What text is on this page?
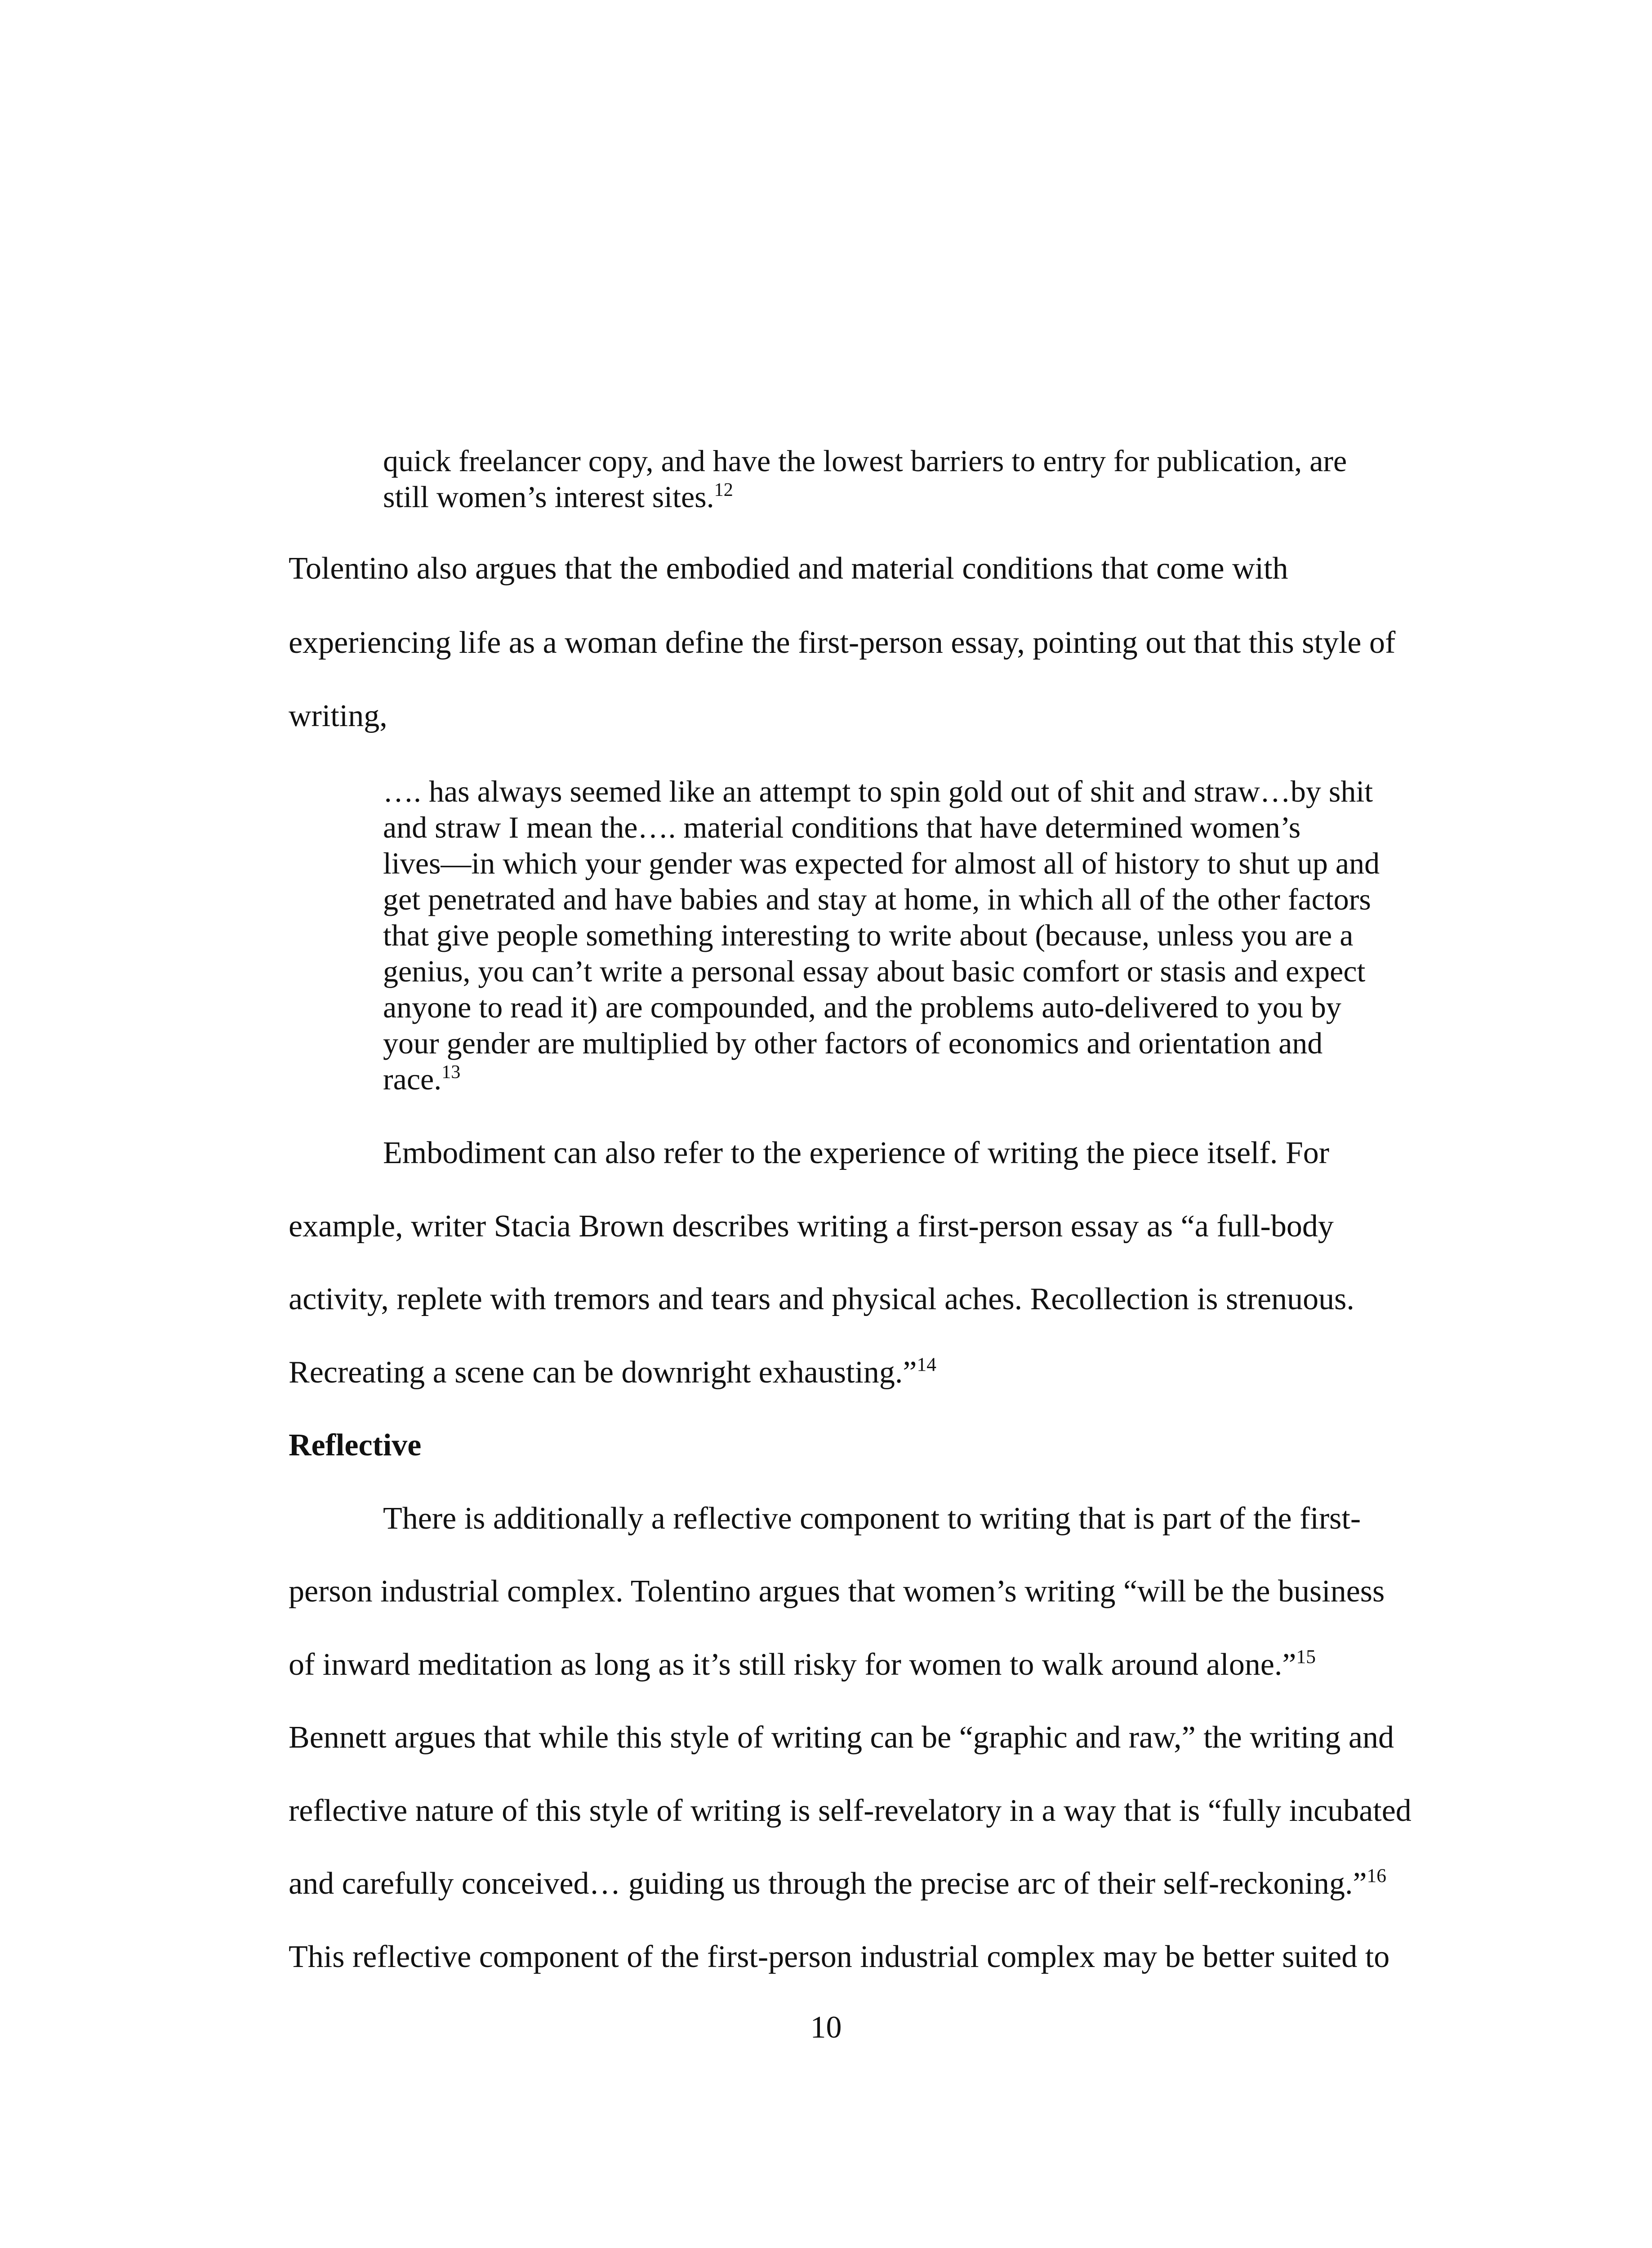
quick freelancer copy, and have the lowest barriers to entry for publication, are
still women’s interest sites.$^{12}$
Tolentino also argues that the embodied and material conditions that come with
experiencing life as a woman define the first-person essay, pointing out that this style of
writing,
…. has always seemed like an attempt to spin gold out of shit and straw…by shit
and straw I mean the…. material conditions that have determined women’s
lives—in which your gender was expected for almost all of history to shut up and
get penetrated and have babies and stay at home, in which all of the other factors
that give people something interesting to write about (because, unless you are a
genius, you can’t write a personal essay about basic comfort or stasis and expect
anyone to read it) are compounded, and the problems auto-delivered to you by
your gender are multiplied by other factors of economics and orientation and
race.$^{13}$
Embodiment can also refer to the experience of writing the piece itself. For
example, writer Stacia Brown describes writing a first-person essay as “a full-body
activity, replete with tremors and tears and physical aches. Recollection is strenuous.
Recreating a scene can be downright exhausting.”$^{14}$
Reflective
There is additionally a reflective component to writing that is part of the first-
person industrial complex. Tolentino argues that women’s writing “will be the business
of inward meditation as long as it’s still risky for women to walk around alone.”$^{15}$
Bennett argues that while this style of writing can be “graphic and raw,” the writing and
reflective nature of this style of writing is self-revelatory in a way that is “fully incubated
and carefully conceived… guiding us through the precise arc of their self-reckoning.”$^{16}$
This reflective component of the first-person industrial complex may be better suited to
10
